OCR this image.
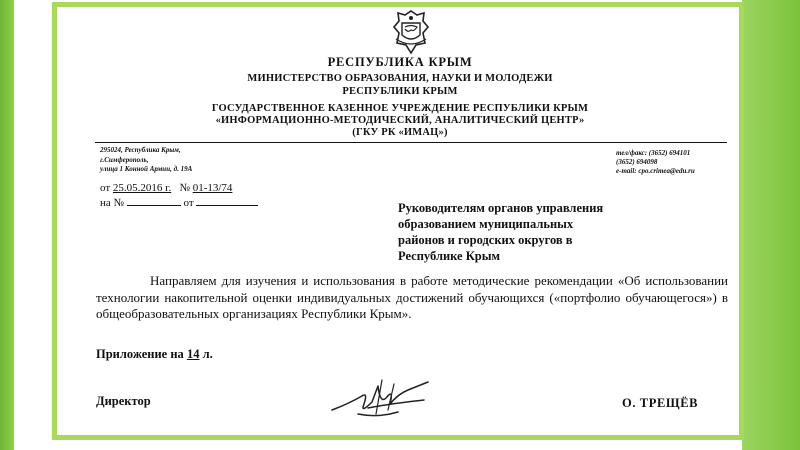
РЕСПУБЛИКА КРЫМ
МИНИСТЕРСТВО ОБРАЗОВАНИЯ, НАУКИ И МОЛОДЕЖИ
РЕСПУБЛИКИ КРЫМ
ГОСУДАРСТВЕННОЕ КАЗЕННОЕ УЧРЕЖДЕНИЕ РЕСПУБЛИКИ КРЫМ
«ИНФОРМАЦИОННО-МЕТОДИЧЕСКИЙ, АНАЛИТИЧЕСКИЙ ЦЕНТР»
(ГКУ РК «ИМАЦ»)
295024, Республика Крым,
г.Симферополь,
улица 1 Конной Армии, д. 19А
тел/факс: (3652) 694101
(3652) 694098
e-mail: cpo.crimea@edu.ru
от 25.05.2016 г. № 01-13/74
на №	от	Руководителям органов управления
образованием муниципальных
районов и городских округов в
Республике Крым
Направляем для изучения и использования в работе методические рекомендации «Об использовании технологии накопительной оценки индивидуальных достижений обучающихся («портфолио обучающегося») в общеобразовательных организациях Республики Крым».
Приложение на 14 л.
Директор	О. ТРЕЩЁВ
